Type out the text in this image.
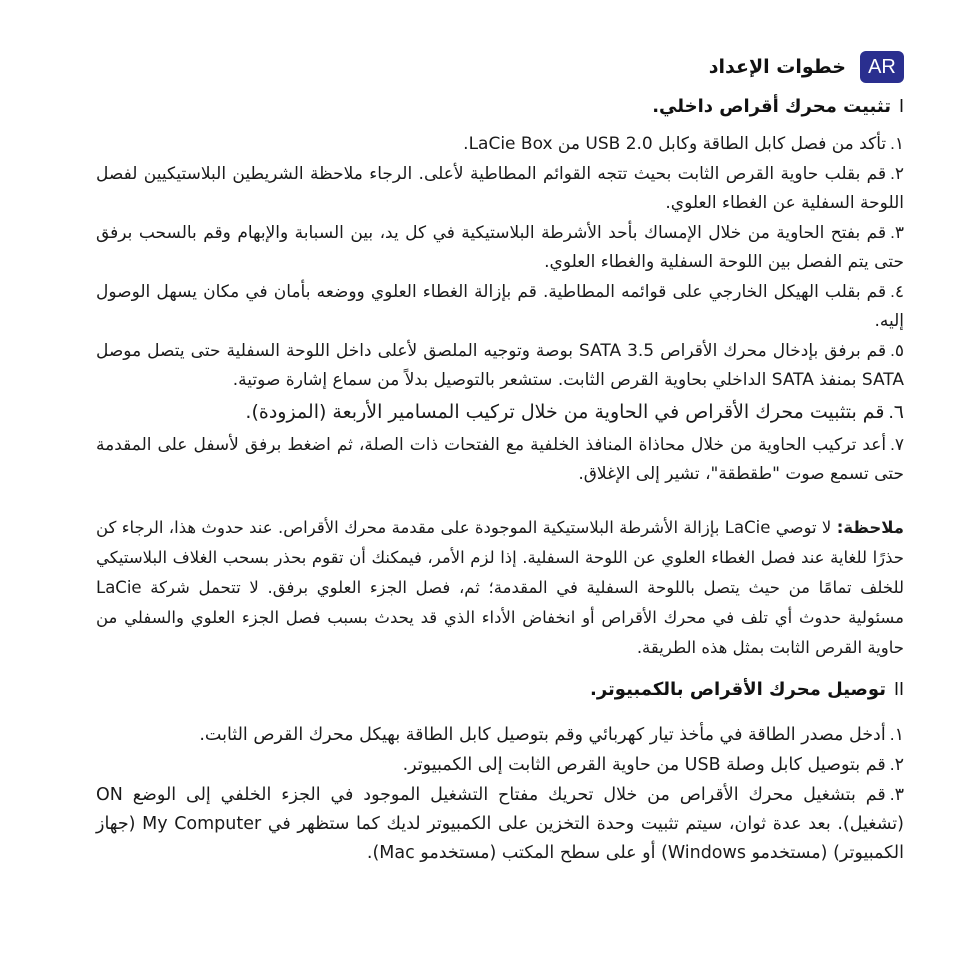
AR
خطوات الإعداد
Iتثبيت محرك أقراص داخلي.
١.تأكد من فصل كابل الطاقة وكابل USB 2.0 من LaCie Box.
٢.قم بقلب حاوية القرص الثابت بحيث تتجه القوائم المطاطية لأعلى. الرجاء ملاحظة الشريطين البلاستيكيين لفصل اللوحة السفلية عن الغطاء العلوي.
٣.قم بفتح الحاوية من خلال الإمساك بأحد الأشرطة البلاستيكية في كل يد، بين السبابة والإبهام وقم بالسحب برفق حتى يتم الفصل بين اللوحة السفلية والغطاء العلوي.
٤.قم بقلب الهيكل الخارجي على قوائمه المطاطية. قم بإزالة الغطاء العلوي ووضعه بأمان في مكان يسهل الوصول إليه.
٥.قم برفق بإدخال محرك الأقراص SATA 3.5 بوصة وتوجيه الملصق لأعلى داخل اللوحة السفلية حتى يتصل موصل SATA بمنفذ SATA الداخلي بحاوية القرص الثابت. ستشعر بالتوصيل بدلاً من سماع إشارة صوتية.
٦.قم بتثبيت محرك الأقراص في الحاوية من خلال تركيب المسامير الأربعة (المزودة).
٧.أعد تركيب الحاوية من خلال محاذاة المنافذ الخلفية مع الفتحات ذات الصلة، ثم اضغط برفق لأسفل على المقدمة حتى تسمع صوت "طقطقة"، تشير إلى الإغلاق.
ملاحظة: لا توصي LaCie بإزالة الأشرطة البلاستيكية الموجودة على مقدمة محرك الأقراص. عند حدوث هذا، الرجاء كن حذرًا للغاية عند فصل الغطاء العلوي عن اللوحة السفلية. إذا لزم الأمر، فيمكنك أن تقوم بحذر بسحب الغلاف البلاستيكي للخلف تمامًا من حيث يتصل باللوحة السفلية في المقدمة؛ ثم، فصل الجزء العلوي برفق. لا تتحمل شركة LaCie مسئولية حدوث أي تلف في محرك الأقراص أو انخفاض الأداء الذي قد يحدث بسبب فصل الجزء العلوي والسفلي من حاوية القرص الثابت بمثل هذه الطريقة.
IIتوصيل محرك الأقراص بالكمبيوتر.
١.أدخل مصدر الطاقة في مأخذ تيار كهربائي وقم بتوصيل كابل الطاقة بهيكل محرك القرص الثابت.
٢.قم بتوصيل كابل وصلة USB من حاوية القرص الثابت إلى الكمبيوتر.
٣.قم بتشغيل محرك الأقراص من خلال تحريك مفتاح التشغيل الموجود في الجزء الخلفي إلى الوضع ON (تشغيل). بعد عدة ثوان، سيتم تثبيت وحدة التخزين على الكمبيوتر لديك كما ستظهر في My Computer (جهاز الكمبيوتر) (مستخدمو Windows) أو على سطح المكتب (مستخدمو Mac).
